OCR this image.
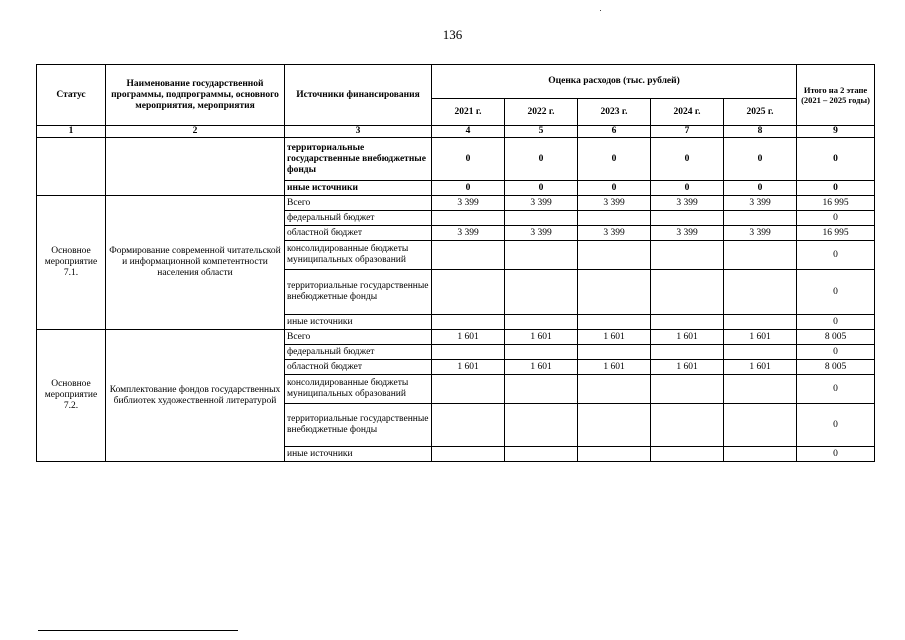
136
Статус	Наименование государственной программы, подпрограммы, основного мероприятия, мероприятия	Источники финансирования	Оценка расходов (тыс. рублей)					Итого на 2 этапе (2021 – 2025 годы)
			2021 г.	2022 г.	2023 г.	2024 г.	2025 г.	
1	2	3	4	5	6	7	8	9
		территориальные государственные внебюджетные фонды	0	0	0	0	0	0
		иные источники	0	0	0	0	0	0
Основное мероприятие 7.1.	Формирование современной читательской и информационной компетентности населения области	Всего	3 399	3 399	3 399	3 399	3 399	16 995
		федеральный бюджет						0
		областной бюджет	3 399	3 399	3 399	3 399	3 399	16 995
		консолидированные бюджеты муниципальных образований						0
		территориальные государственные внебюджетные фонды						0
		иные источники						0
Основное мероприятие 7.2.	Комплектование фондов государственных библиотек художественной литературой	Всего	1 601	1 601	1 601	1 601	1 601	8 005
		федеральный бюджет						0
		областной бюджет	1 601	1 601	1 601	1 601	1 601	8 005
		консолидированные бюджеты муниципальных образований						0
		территориальные государственные внебюджетные фонды						0
		иные источники						0
